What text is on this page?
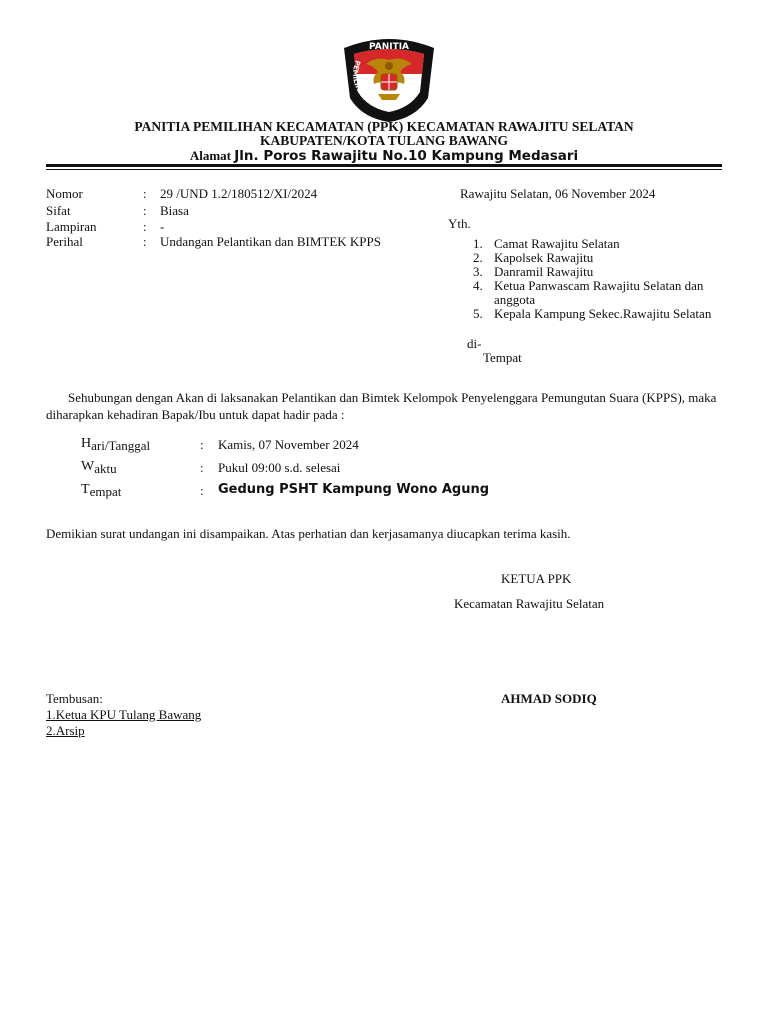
PANITIA
PEMILIHAN KECAMATAN
PANITIA PEMILIHAN KECAMATAN (PPK) KECAMATAN RAWAJITU SELATAN
KABUPATEN/KOTA TULANG BAWANG
Alamat Jln. Poros Rawajitu No.10 Kampung Medasari
Nomor	: 29 /UND 1.2/180512/XI/2024
Sifat	: Biasa
Lampiran	: -
Perihal	: Undangan Pelantikan dan BIMTEK KPPS
Rawajitu Selatan, 06 November 2024
Yth.
1. Camat Rawajitu Selatan
2. Kapolsek Rawajitu
3. Danramil Rawajitu
4. Ketua Panwascam Rawajitu Selatan dan anggota
5. Kepala Kampung Sekec.Rawajitu Selatan
di-
Tempat
Sehubungan dengan Akan di laksanakan Pelantikan dan Bimtek Kelompok Penyelenggara Pemungutan Suara (KPPS), maka diharapkan kehadiran Bapak/Ibu untuk dapat hadir pada :
Hari/Tanggal	: Kamis, 07 November 2024
Waktu	: Pukul 09:00 s.d. selesai
Tempat	: Gedung PSHT Kampung Wono Agung
Demikian surat undangan ini disampaikan. Atas perhatian dan kerjasamanya diucapkan terima kasih.
KETUA PPK
Kecamatan Rawajitu Selatan
AHMAD SODIQ
Tembusan:
1.Ketua KPU Tulang Bawang
2.Arsip
